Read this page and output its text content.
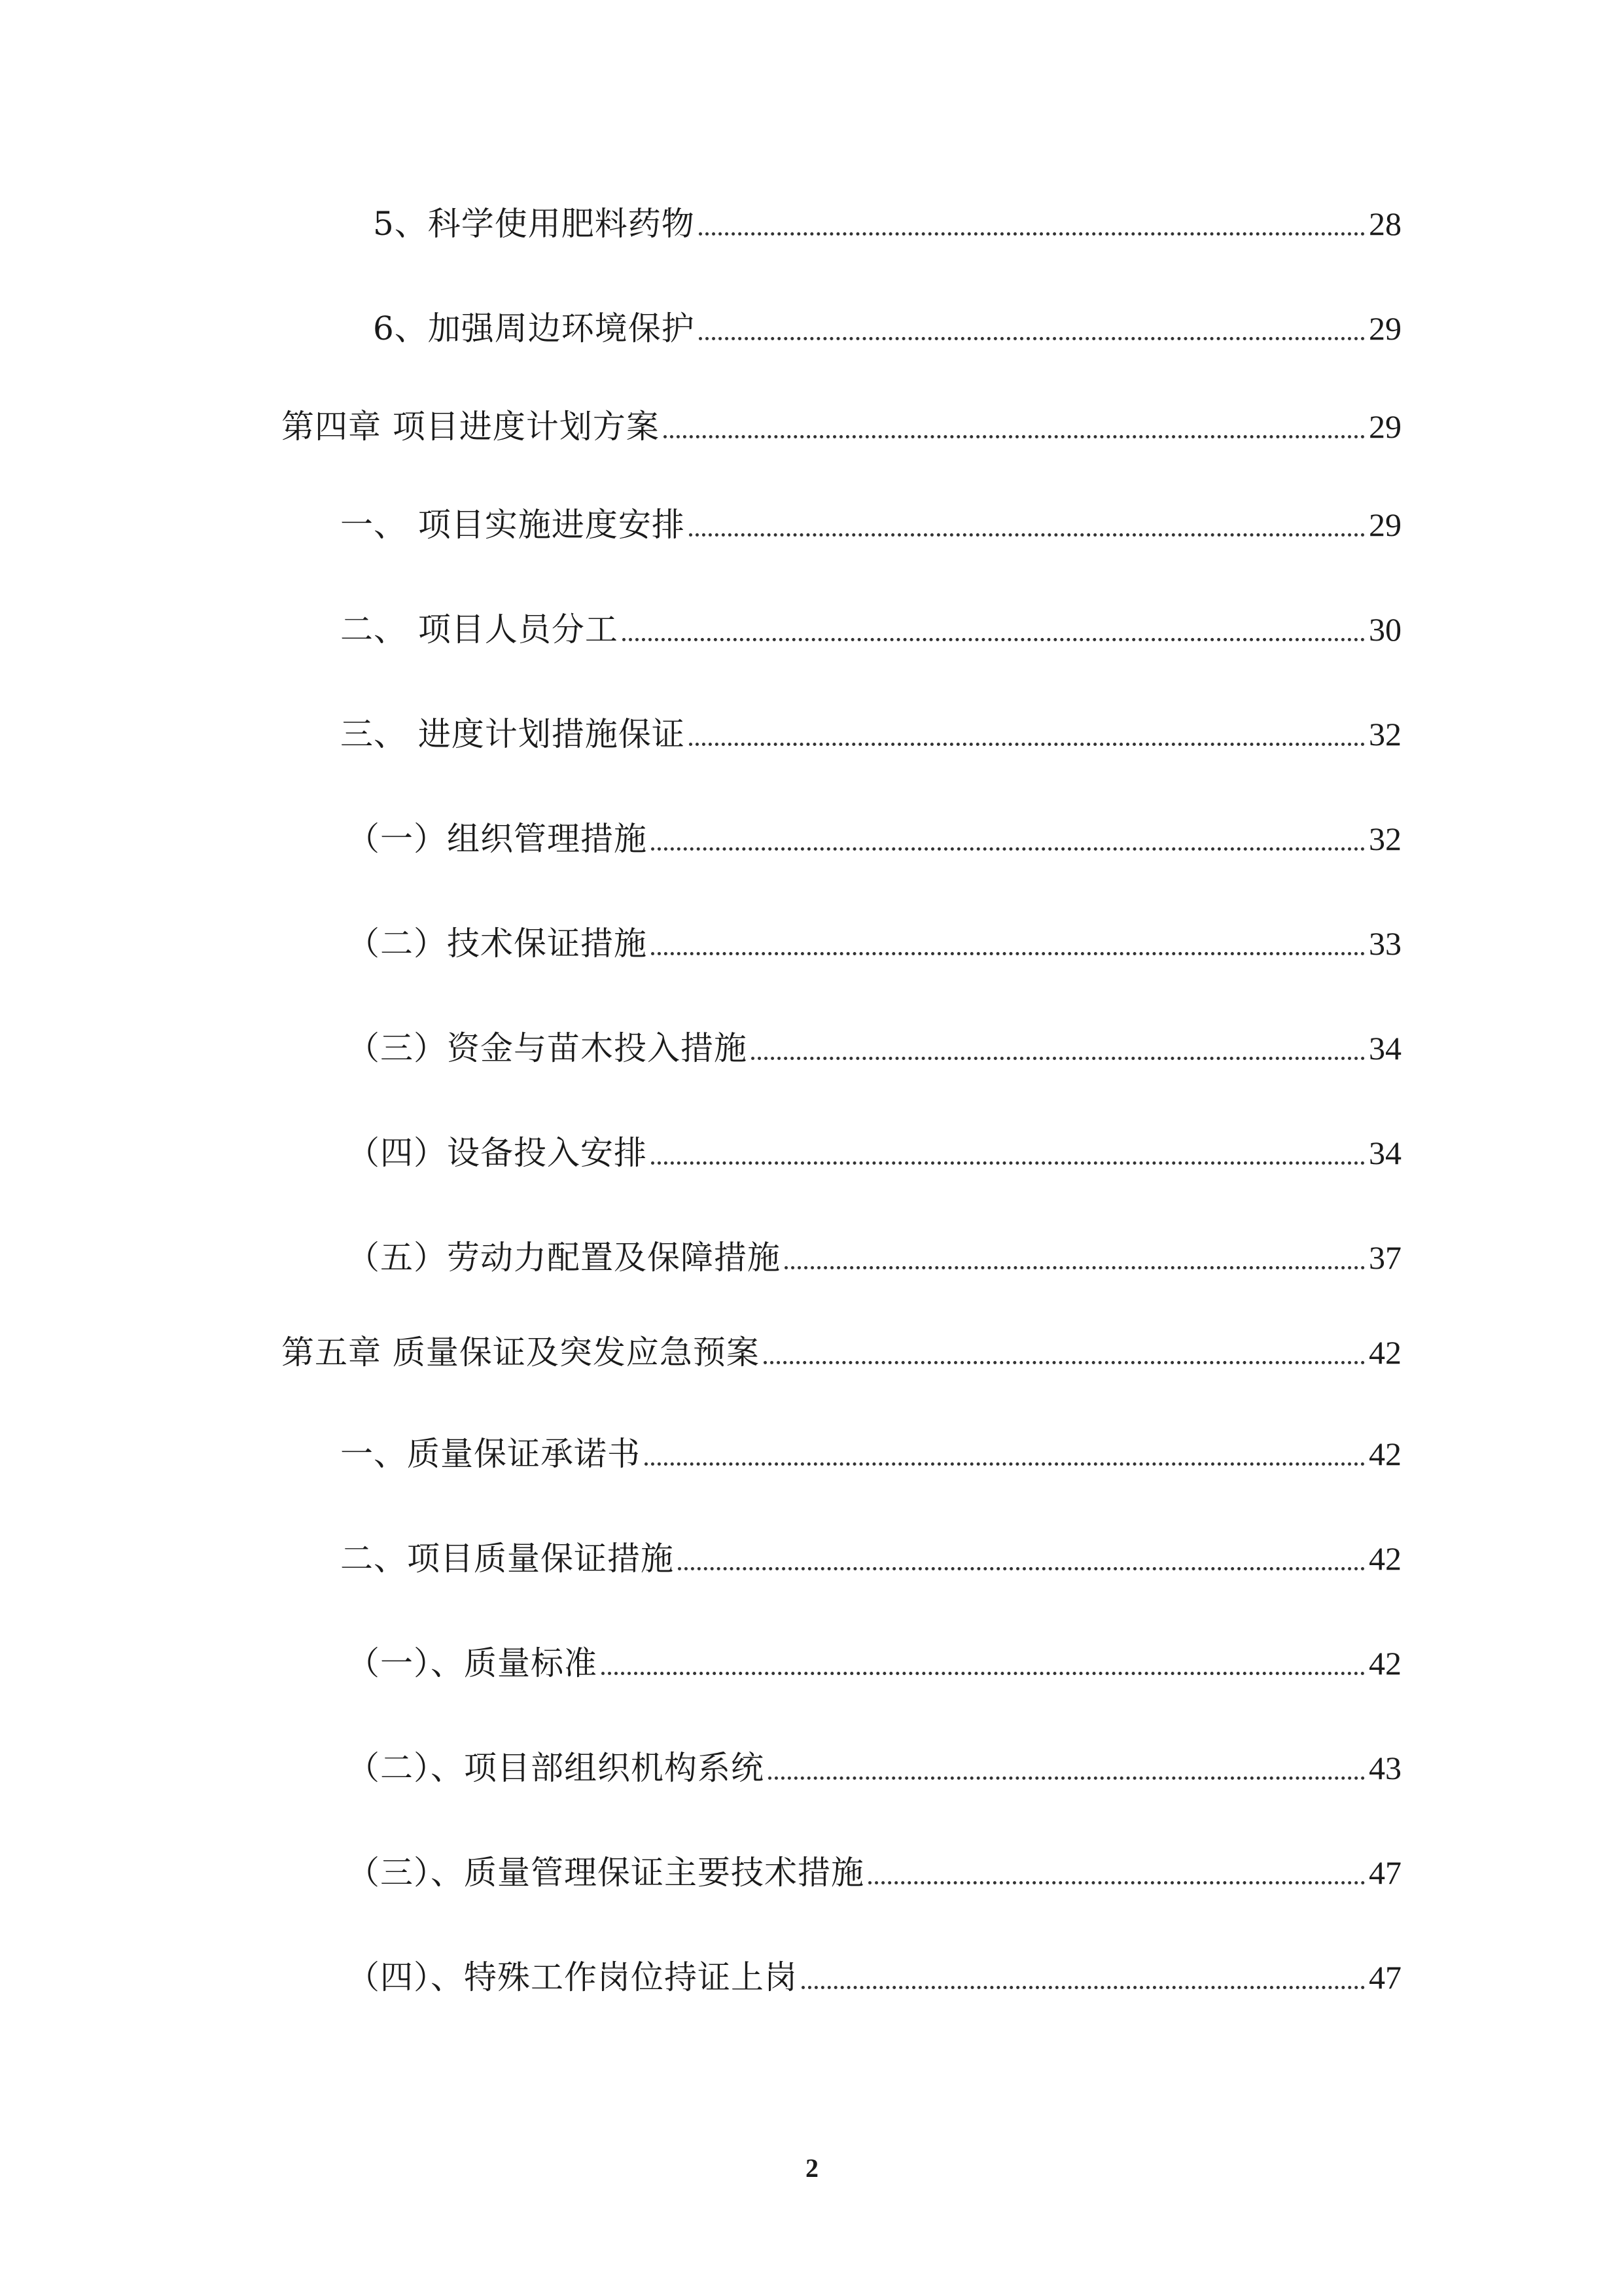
5、科学使用肥料药物	28
6、加强周边环境保护	29
第四章 项目进度计划方案	29
一、 项目实施进度安排	29
二、 项目人员分工	30
三、 进度计划措施保证	32
（一）组织管理措施	32
（二）技术保证措施	33
（三）资金与苗木投入措施	34
（四）设备投入安排	34
（五）劳动力配置及保障措施	37
第五章 质量保证及突发应急预案	42
一、质量保证承诺书	42
二、项目质量保证措施	42
（一）、质量标准	42
（二）、项目部组织机构系统	43
（三）、质量管理保证主要技术措施	47
（四）、特殊工作岗位持证上岗	47
2
